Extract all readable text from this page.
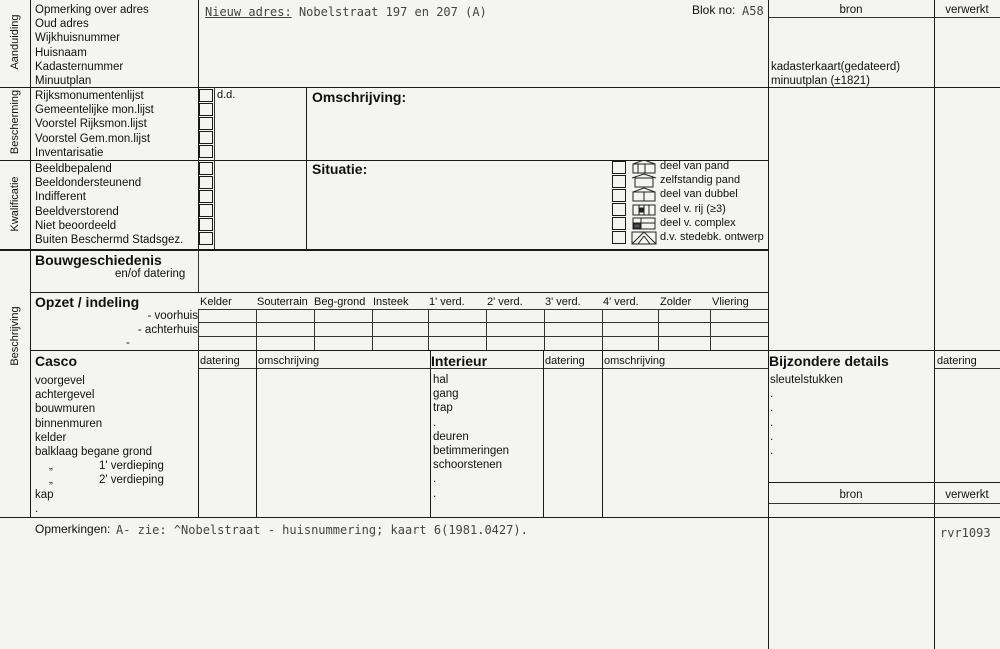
Aanduiding
Bescherming
Kwalificatie
Beschrijving
Opmerking over adres
Oud adres
Wijkhuisnummer
Huisnaam
Kadasternummer
Minuutplan
Nieuw adres: Nobelstraat 197 en 207 (A)	Blok no: A58	bron	verwerkt
kadasterkaart(gedateerd)
minuutplan (±1821)
Rijksmonumentenlijst
Gemeentelijke mon.lijst
Voorstel Rijksmon.lijst
Voorstel Gem.mon.lijst
Inventarisatie
d.d.	Omschrijving:
Beeldbepalend
Beeldondersteunend
Indifferent
Beeldverstorend
Niet beoordeeld
Buiten Beschermd Stadsgez.
Situatie:	deel van pand
zelfstandig pand
deel van dubbel
deel v. rij (≥3)
deel v. complex
d.v. stedebk. ontwerp
Bouwgeschiedenis
en/of datering
Opzet / indeling
- voorhuis
- achterhuis
-
Kelder Souterrain Beg-grond Insteek 1' verd. 2' verd. 3' verd. 4' verd. Zolder Vliering
Casco	datering omschrijving
voorgevel
achtergevel
bouwmuren
binnenmuren
kelder
balklaag begane grond
„	1' verdieping
„	2' verdieping
kap
.
Interieur	datering omschrijving
hal
gang
trap
.
deuren
betimmeringen
schoorstenen
.
.
Bijzondere details	datering
sleutelstukken
.
.
.
.
.
bron	verwerkt
Opmerkingen: A- zie: ^Nobelstraat - huisnummering; kaart 6(1981.0427).	rvr1093
